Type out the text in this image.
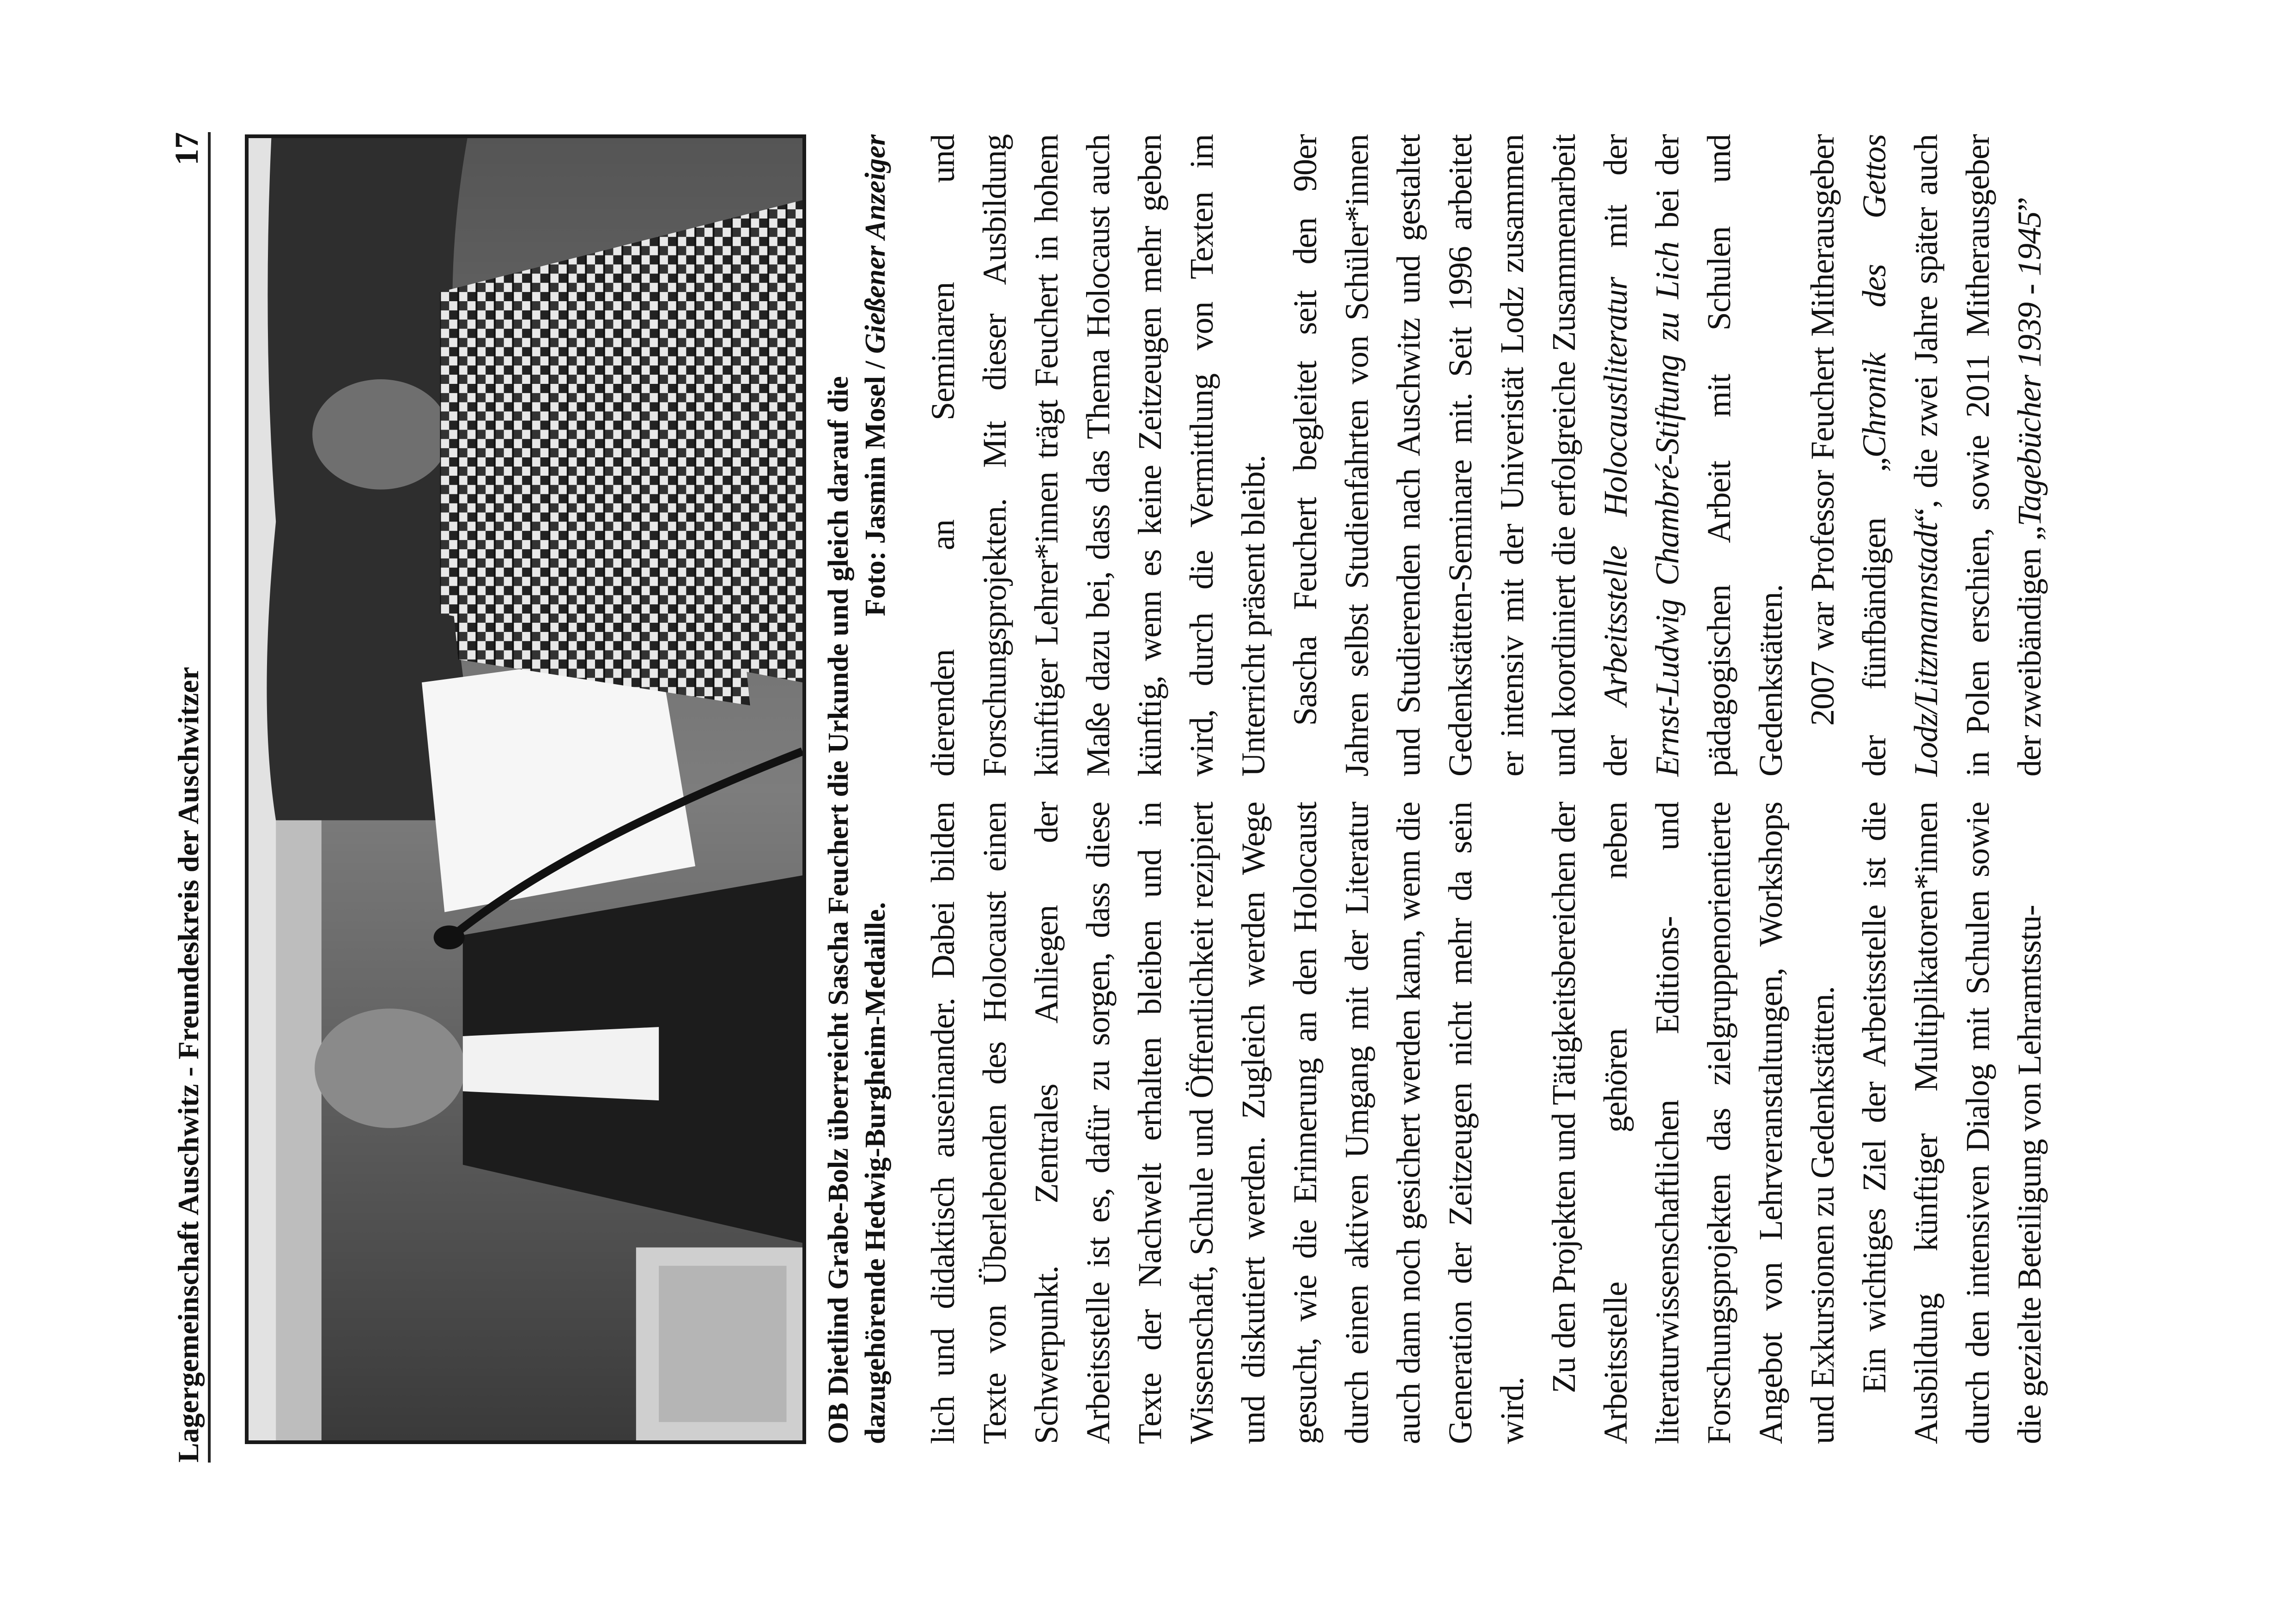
Lagergemeinschaft Auschwitz - Freundeskreis der Auschwitzer
17
OB Dietlind Grabe-Bolz überreicht Sascha Feuchert die Urkunde und gleich darauf die dazugehörende Hedwig-Burgheim-Medaille.
Foto: Jasmin Mosel / Gießener Anzeiger

lich und didaktisch auseinander. Dabei bilden Texte von Überlebenden des Holocaust einen Schwerpunkt. Zentrales Anliegen der Arbeitsstelle ist es, dafür zu sorgen, dass diese Texte der Nachwelt erhalten bleiben und in Wissenschaft, Schule und Öffentlichkeit rezipiert und diskutiert werden. Zugleich werden Wege gesucht, wie die Erinnerung an den Holocaust durch einen aktiven Umgang mit der Literatur auch dann noch gesichert werden kann, wenn die Generation der Zeitzeugen nicht mehr da sein wird.

Zu den Projekten und Tätigkeitsbereichen der Arbeitsstelle gehören neben literaturwissenschaftlichen Editions- und Forschungsprojekten das zielgruppenorientierte Angebot von Lehrveranstaltungen, Workshops und Exkursionen zu Gedenkstätten. Ein wichtiges Ziel der Arbeitsstelle ist die Ausbildung künftiger Multiplikatoren*innen durch den intensiven Dialog mit Schulen sowie die gezielte Beteiligung von Lehramtsstu-

dierenden an Seminaren und Forschungsprojekten. Mit dieser Ausbildung künftiger Lehrer*innen trägt Feuchert in hohem Maße dazu bei, dass das Thema Holocaust auch künftig, wenn es keine Zeitzeugen mehr geben wird, durch die Vermittlung von Texten im Unterricht präsent bleibt. Sascha Feuchert begleitet seit den 90er Jahren selbst Studienfahrten von Schüler*innen und Studierenden nach Auschwitz und gestaltet Gedenkstätten-Seminare mit. Seit 1996 arbeitet er intensiv mit der Univeristät Lodz zusammen und koordiniert die erfolgreiche Zusammenarbeit der Arbeitsstelle Holocaustliteratur mit der Ernst-Ludwig Chambré-Stiftung zu Lich bei der pädagogischen Arbeit mit Schulen und Gedenkstätten. 2007 war Professor Feuchert Mitherausgeber der fünfbändigen „Chronik des Gettos Lodz/Litzmannstadt“, die zwei Jahre später auch in Polen erschien, sowie 2011 Mitherausgeber der zweibändigen „Tagebücher 1939 - 1945”
